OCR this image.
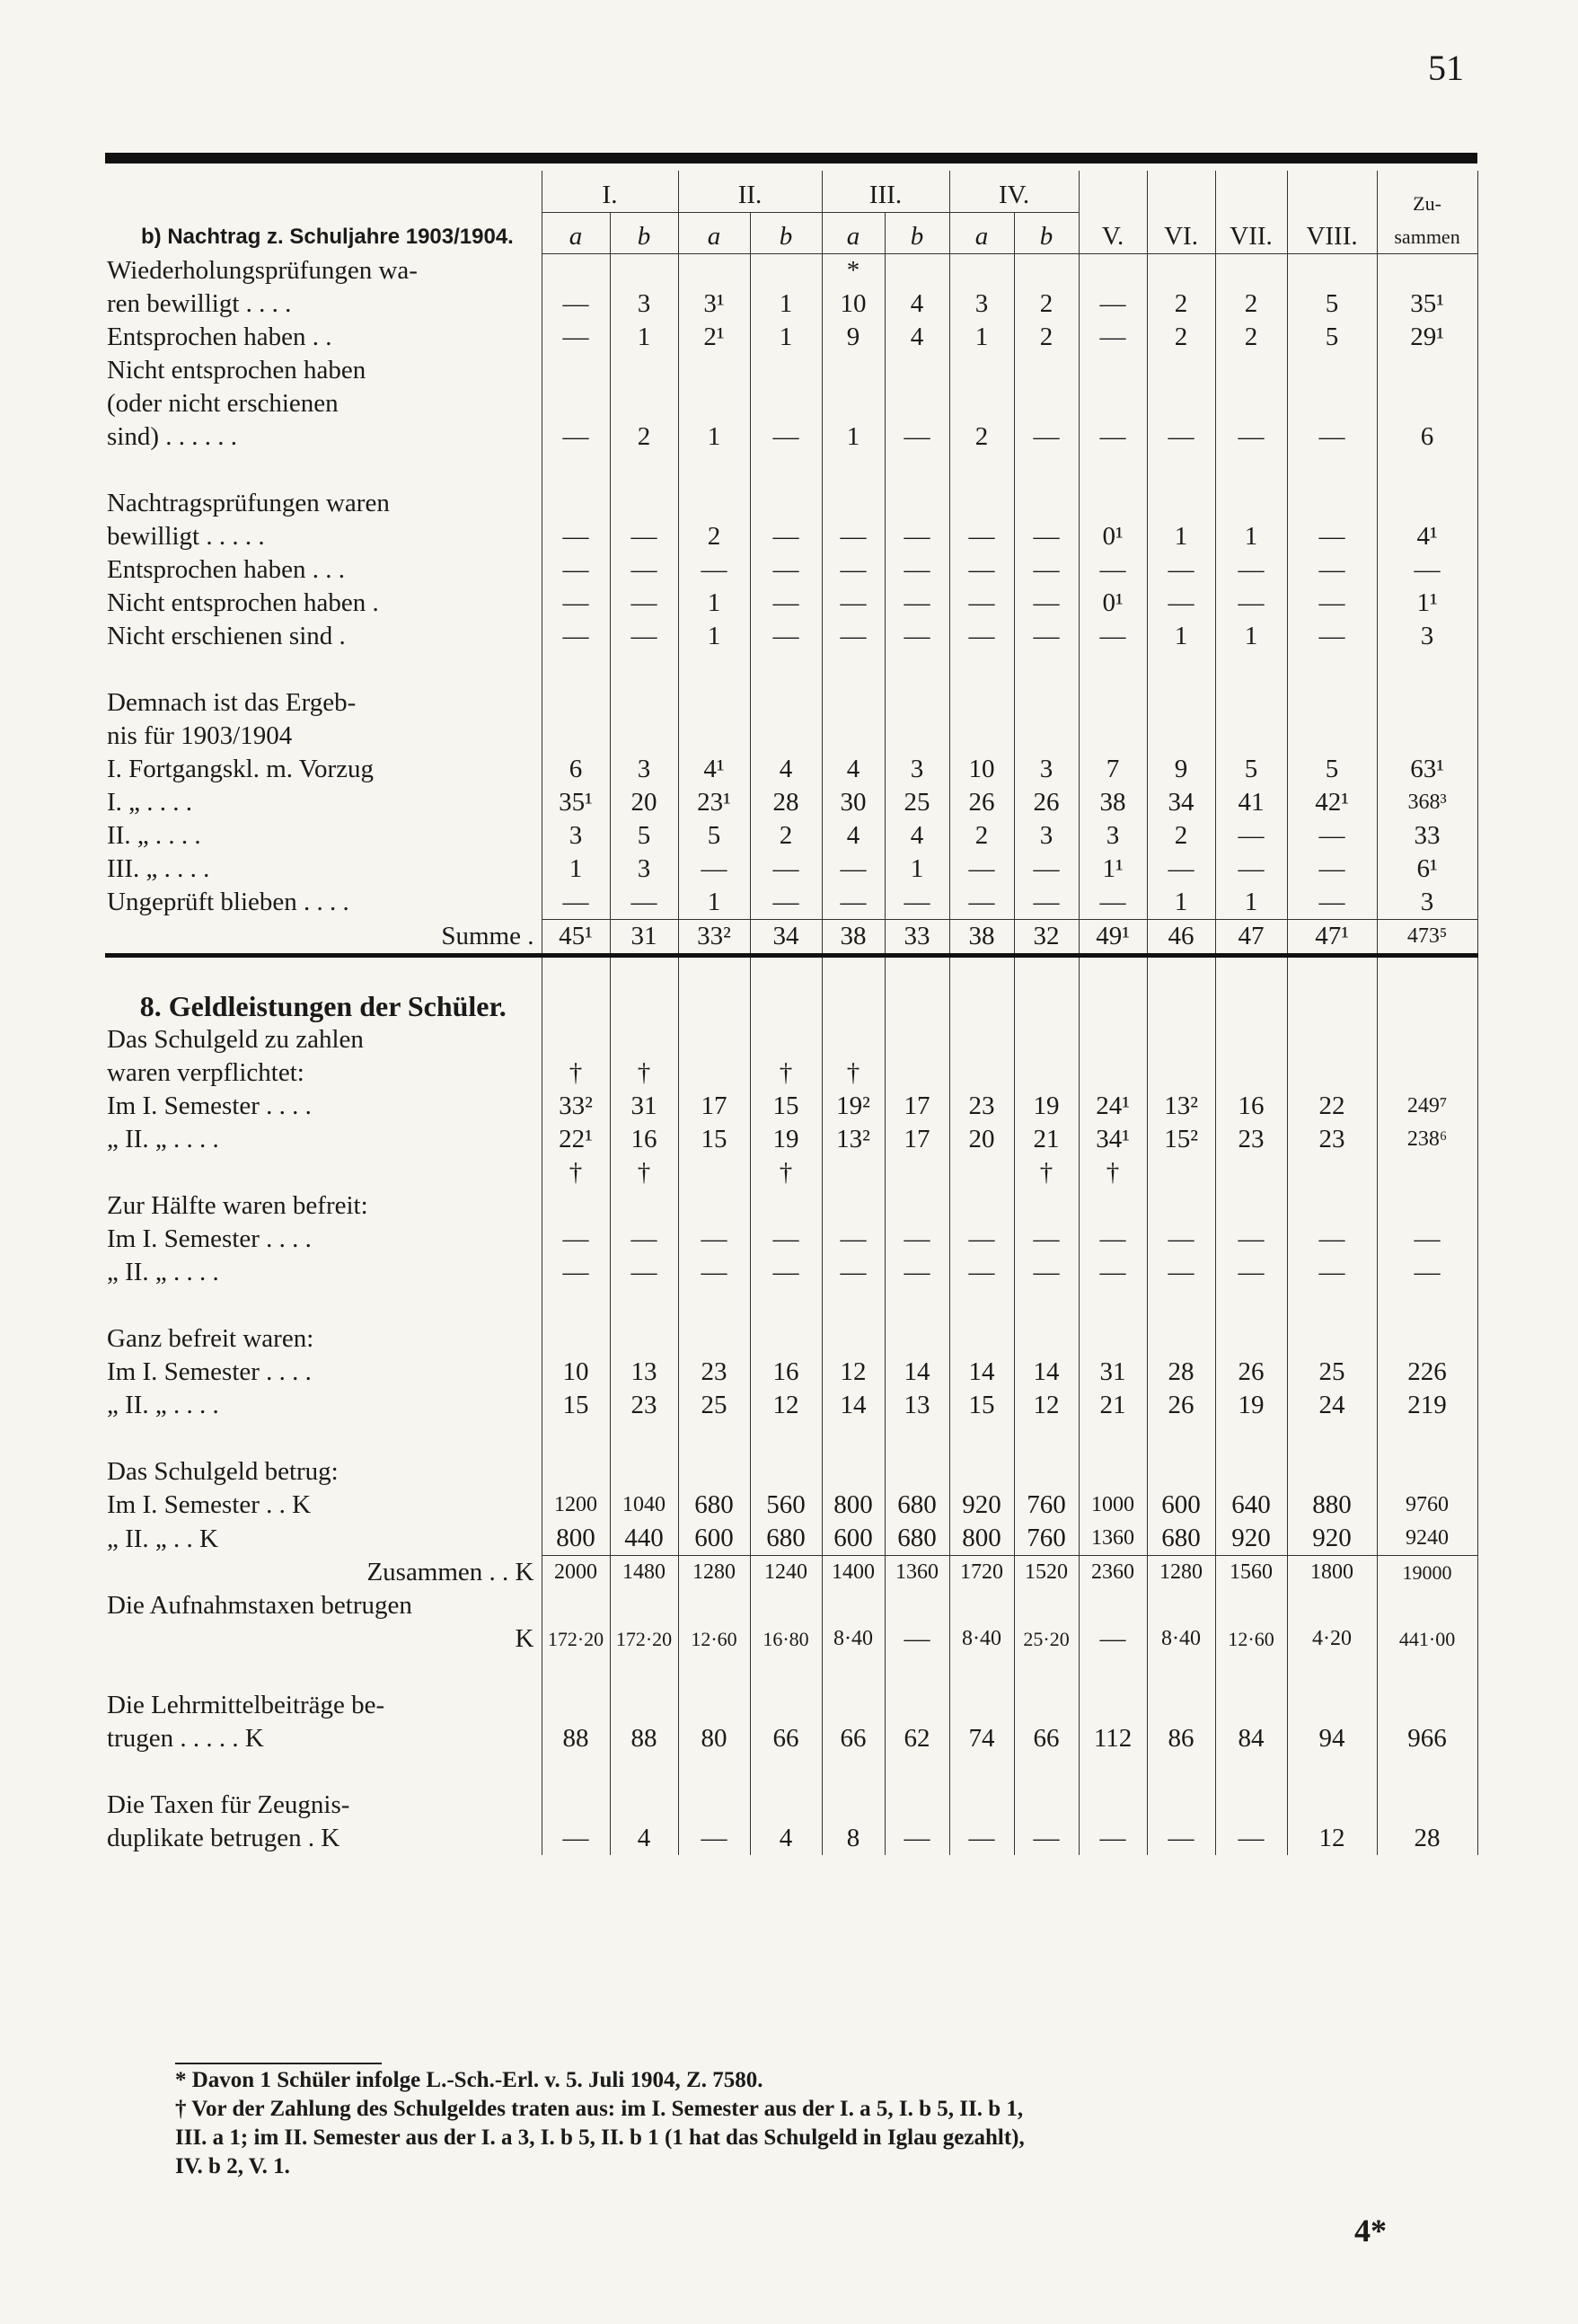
51
	I.		II.		III.		IV.		V.	VI.	VII.	VIII.	Zu-
sammen
b) Nachtrag z. Schuljahre 1903/1904.	a	b	a	b	a	b	a	b					
Wiederholungsprüfungen wa-					*								
ren bewilligt . . . .	—	3	3¹	1	10	4	3	2	—	2	2	5	35¹
Entsprochen haben . .	—	1	2¹	1	9	4	1	2	—	2	2	5	29¹
Nicht entsprochen haben													
(oder nicht erschienen													
sind) . . . . . .	—	2	1	—	1	—	2	—	—	—	—	—	6

Nachtragsprüfungen waren													
bewilligt . . . . .	—	—	2	—	—	—	—	—	0¹	1	1	—	4¹
Entsprochen haben . . .	—	—	—	—	—	—	—	—	—	—	—	—	—
Nicht entsprochen haben .	—	—	1	—	—	—	—	—	0¹	—	—	—	1¹
Nicht erschienen sind .	—	—	1	—	—	—	—	—	—	1	1	—	3

Demnach ist das Ergeb-													
nis für 1903/1904													
I. Fortgangskl. m. Vorzug	6	3	4¹	4	4	3	10	3	7	9	5	5	63¹
I. „ . . . .	35¹	20	23¹	28	30	25	26	26	38	34	41	42¹	368³
II. „ . . . .	3	5	5	2	4	4	2	3	3	2	—	—	33
III. „ . . . .	1	3	—	—	—	1	—	—	1¹	—	—	—	6¹
Ungeprüft blieben . . . .	—	—	1	—	—	—	—	—	—	1	1	—	3
Summe .	45¹	31	33²	34	38	33	38	32	49¹	46	47	47¹	473⁵
8. Geldleistungen der Schüler.													
Das Schulgeld zu zahlen													
waren verpflichtet:	†	†		†	†								
Im I. Semester . . . .	33²	31	17	15	19²	17	23	19	24¹	13²	16	22	249⁷
„ II. „ . . . .	22¹	16	15	19	13²	17	20	21	34¹	15²	23	23	238⁶
	†	†		†				†	†				
Zur Hälfte waren befreit:													
Im I. Semester . . . .	—	—	—	—	—	—	—	—	—	—	—	—	—
„ II. „ . . . .	—	—	—	—	—	—	—	—	—	—	—	—	—

Ganz befreit waren:													
Im I. Semester . . . .	10	13	23	16	12	14	14	14	31	28	26	25	226
„ II. „ . . . .	15	23	25	12	14	13	15	12	21	26	19	24	219

Das Schulgeld betrug:													
Im I. Semester . . K	1200	1040	680	560	800	680	920	760	1000	600	640	880	9760
„ II. „ . . K	800	440	600	680	600	680	800	760	1360	680	920	920	9240
Zusammen . . K	2000	1480	1280	1240	1400	1360	1720	1520	2360	1280	1560	1800	19000
Die Aufnahmstaxen betrugen													
K	172·20	172·20	12·60	16·80	8·40	—	8·40	25·20	—	8·40	12·60	4·20	441·00

Die Lehrmittelbeiträge be-													
trugen . . . . . K	88	88	80	66	66	62	74	66	112	86	84	94	966

Die Taxen für Zeugnis-													
duplikate betrugen . K	—	4	—	4	8	—	—	—	—	—	—	12	28
* Davon 1 Schüler infolge L.-Sch.-Erl. v. 5. Juli 1904, Z. 7580.
† Vor der Zahlung des Schulgeldes traten aus: im I. Semester aus der I. a 5, I. b 5, II. b 1,
III. a 1; im II. Semester aus der I. a 3, I. b 5, II. b 1 (1 hat das Schulgeld in Iglau gezahlt),
IV. b 2, V. 1.
4*
